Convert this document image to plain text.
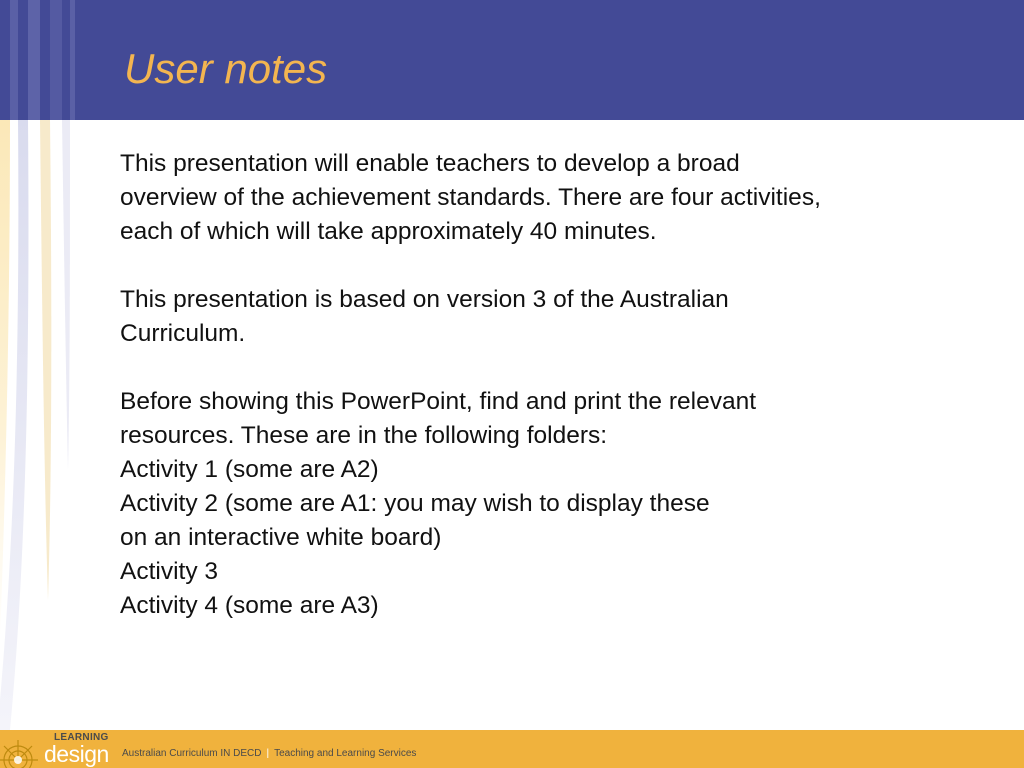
User notes

This presentation will enable teachers to develop a broad
overview of the achievement standards. There are four activities,
each of which will take approximately 40 minutes.

This presentation is based on version 3 of the Australian
Curriculum.

Before showing this PowerPoint, find and print the relevant
resources. These are in the following folders:
Activity 1 (some are A2)
Activity 2 (some are A1: you may wish to display these
on an interactive white board)
Activity 3
Activity 4 (some are A3)

LEARNING
design Australian Curriculum IN DECD | Teaching and Learning Services
